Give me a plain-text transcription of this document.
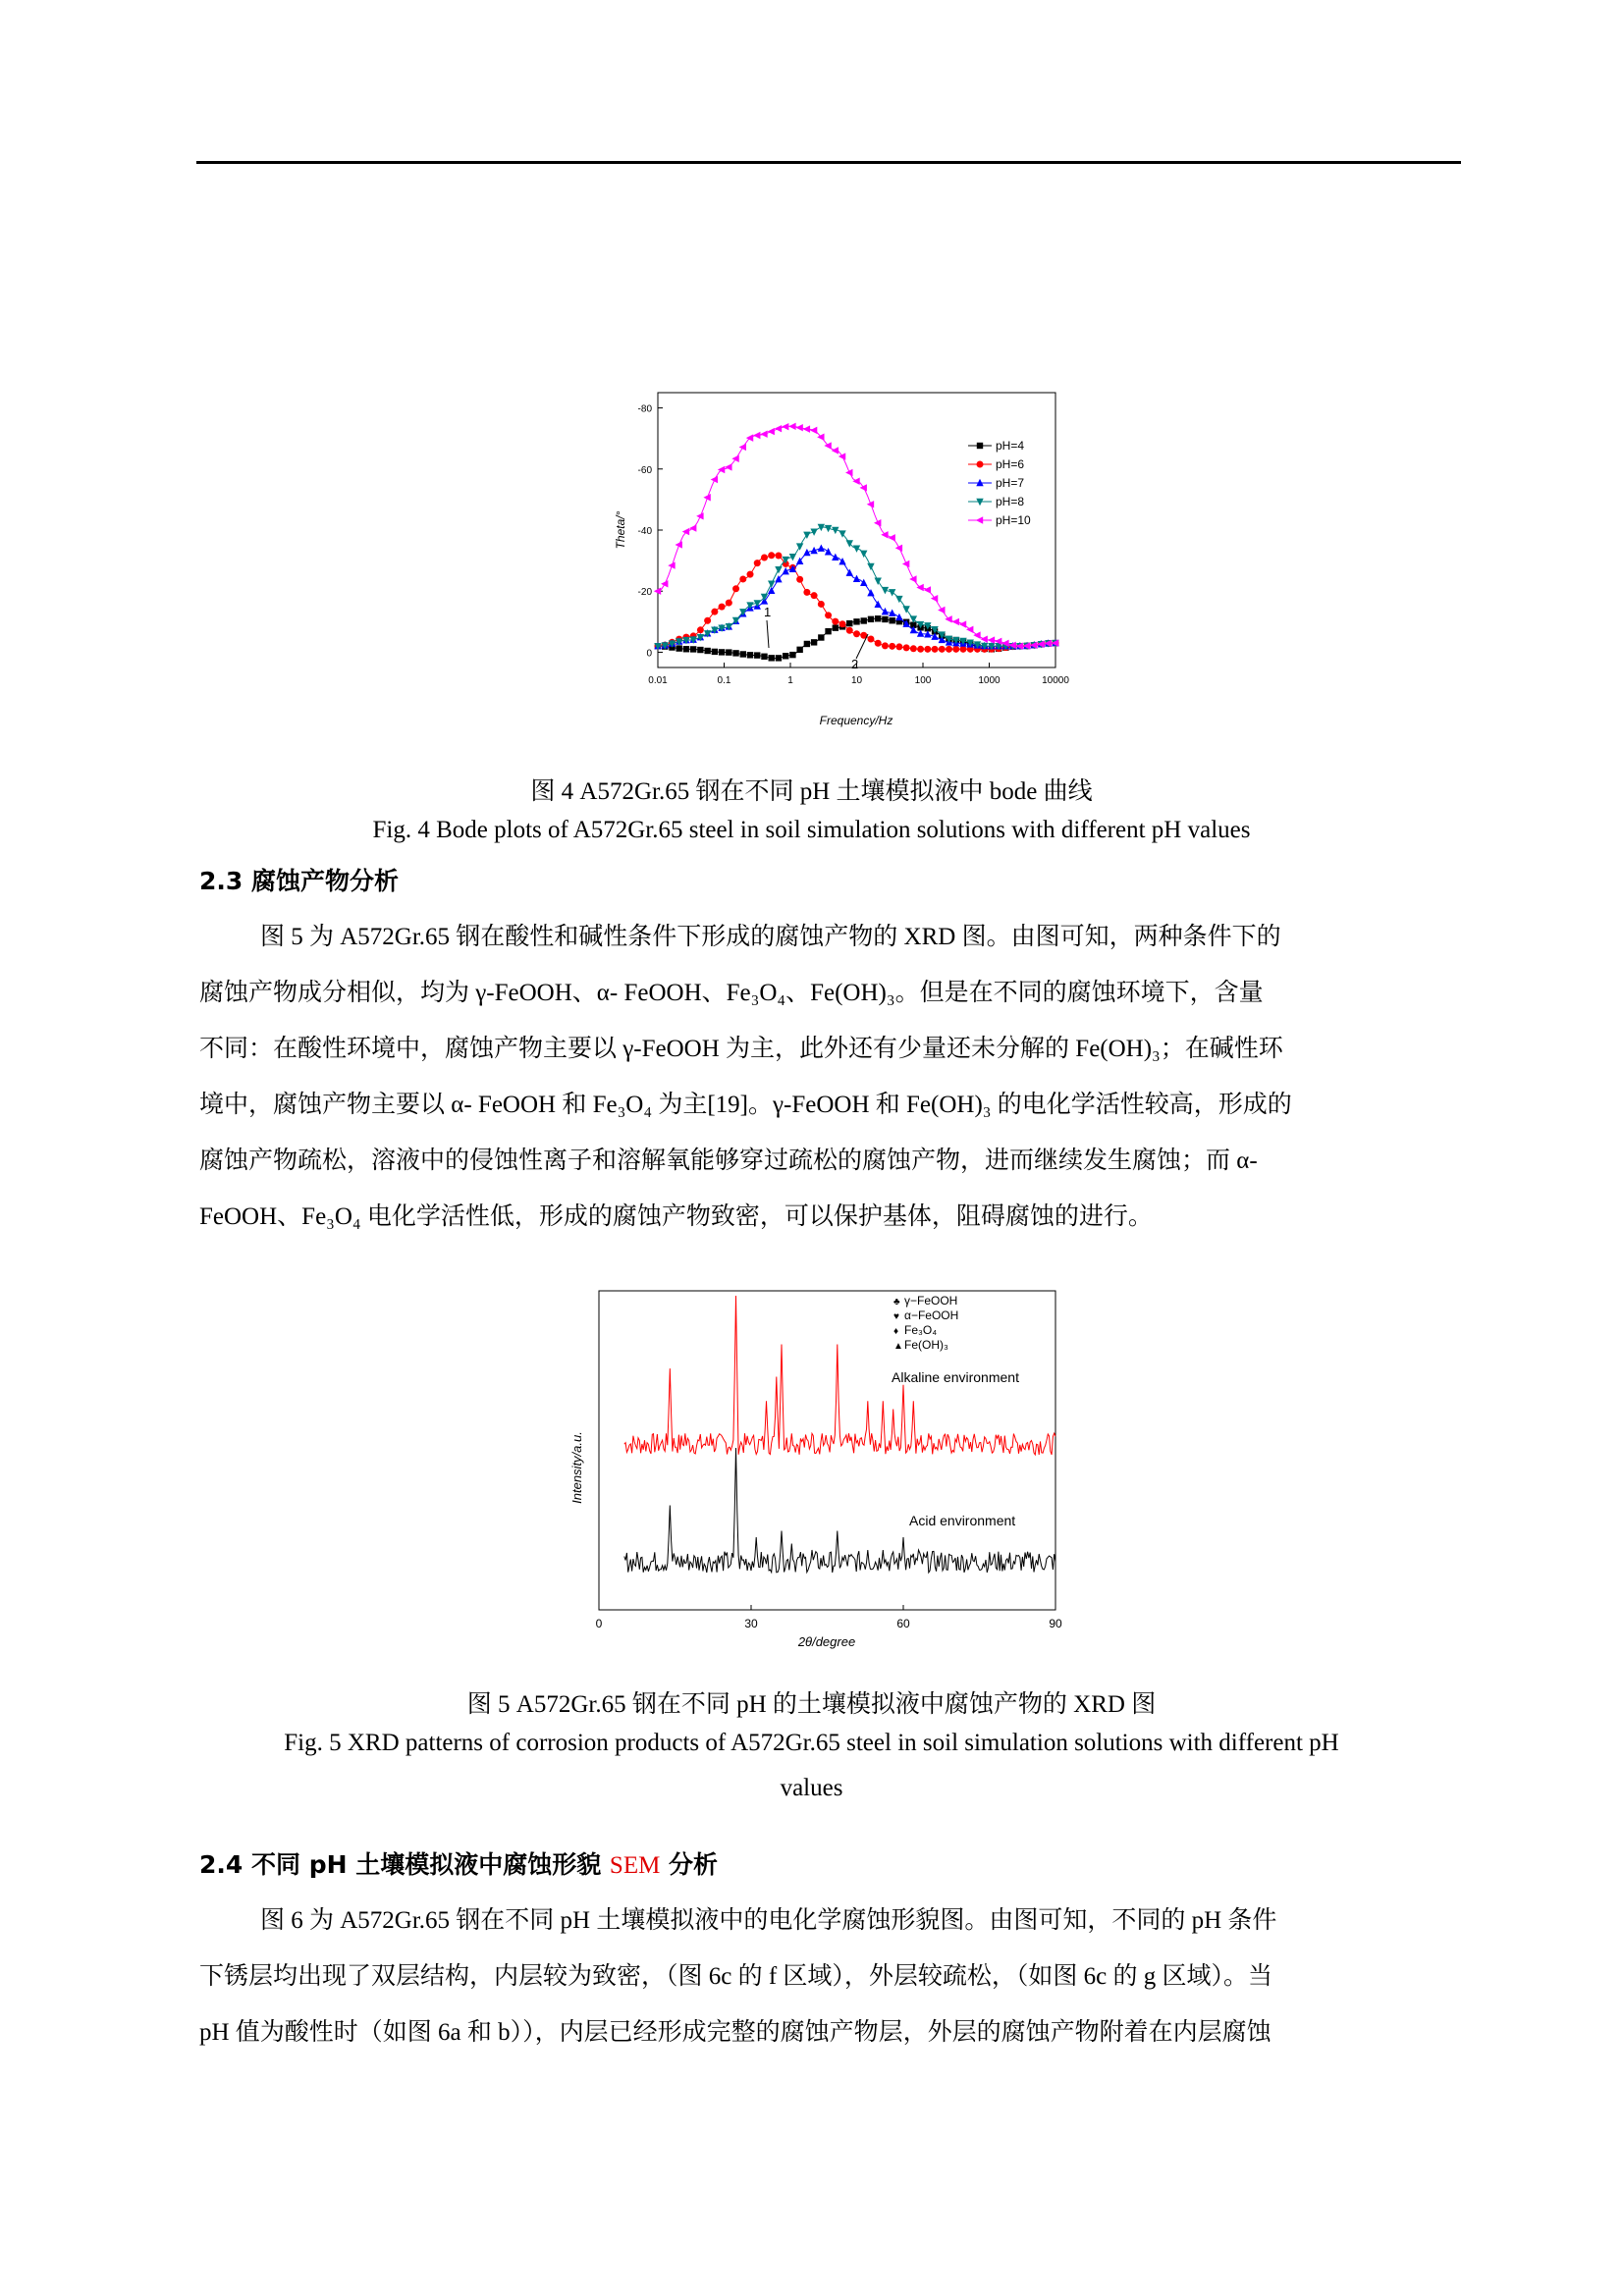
-80
-60
-40
-20
0
0.01	0.1	1	10	100	1000	10000
pH=4
pH=6
pH=7
pH=8
pH=10
1
2
Frequency/Hz
Theta/°
图 4 A572Gr.65 钢在不同 pH 土壤模拟液中 bode 曲线
Fig. 4 Bode plots of A572Gr.65 steel in soil simulation solutions with different pH values
2.3 腐蚀产物分析
图 5 为 A572Gr.65 钢在酸性和碱性条件下形成的腐蚀产物的 XRD 图。由图可知，两种条件下的
腐蚀产物成分相似，均为 γ-FeOOH、α- FeOOH、Fe₃O₄、Fe(OH)₃。但是在不同的腐蚀环境下，含量
不同：在酸性环境中，腐蚀产物主要以 γ-FeOOH 为主，此外还有少量还未分解的 Fe(OH)₃；在碱性环
境中，腐蚀产物主要以 α- FeOOH 和 Fe₃O₄ 为主[19]。γ-FeOOH 和 Fe(OH)₃ 的电化学活性较高，形成的
腐蚀产物疏松，溶液中的侵蚀性离子和溶解氧能够穿过疏松的腐蚀产物，进而继续发生腐蚀；而 α-
FeOOH、Fe₃O₄ 电化学活性低，形成的腐蚀产物致密，可以保护基体，阻碍腐蚀的进行。
0	30	60	90
♣ γ−FeOOH
♥ α−FeOOH
♦ Fe₃O₄
▲ Fe(OH)₃
Alkaline environment
Acid environment
2θ/degree
Intensity/a.u.
图 5 A572Gr.65 钢在不同 pH 的土壤模拟液中腐蚀产物的 XRD 图
Fig. 5 XRD patterns of corrosion products of A572Gr.65 steel in soil simulation solutions with different pH
values
2.4 不同 pH 土壤模拟液中腐蚀形貌 SEM 分析
图 6 为 A572Gr.65 钢在不同 pH 土壤模拟液中的电化学腐蚀形貌图。由图可知，不同的 pH 条件
下锈层均出现了双层结构，内层较为致密，（图 6c 的 f 区域），外层较疏松，（如图 6c 的 g 区域）。当
pH 值为酸性时（如图 6a 和 b）），内层已经形成完整的腐蚀产物层，外层的腐蚀产物附着在内层腐蚀
